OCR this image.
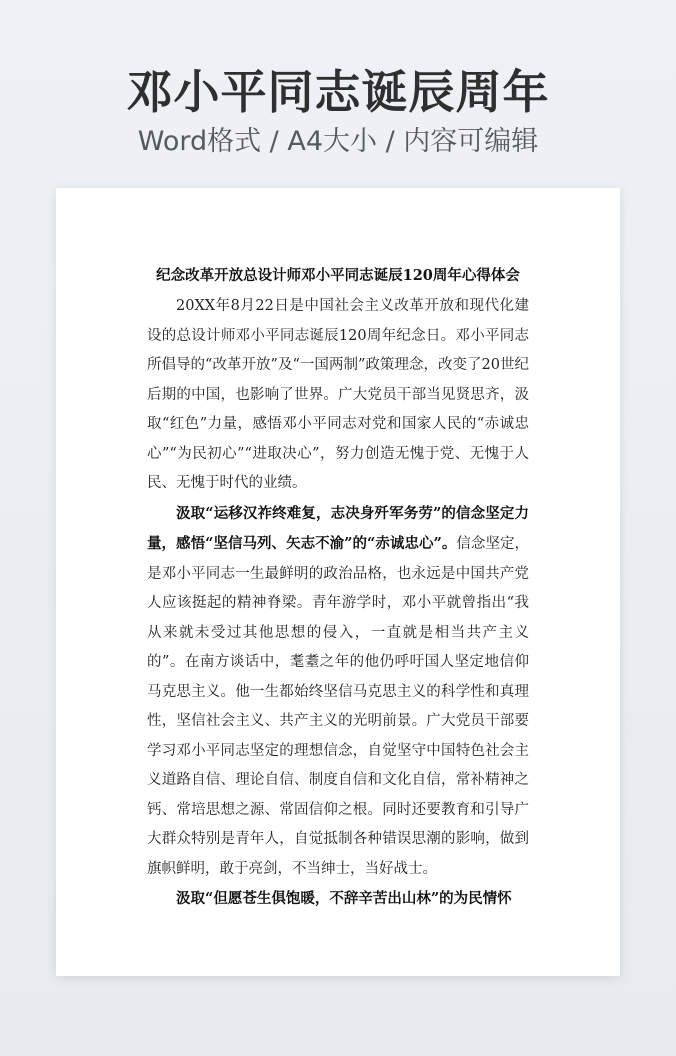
邓小平同志诞辰周年
Word格式 / A4大小 / 内容可编辑
纪念改革开放总设计师邓小平同志诞辰120周年心得体会

20XX年8月22日是中国社会主义改革开放和现代化建设的总设计师邓小平同志诞辰120周年纪念日。邓小平同志所倡导的“改革开放”及“一国两制”政策理念，改变了20世纪后期的中国，也影响了世界。广大党员干部当见贤思齐，汲取“红色”力量，感悟邓小平同志对党和国家人民的“赤诚忠心”“为民初心”“进取决心”，努力创造无愧于党、无愧于人民、无愧于时代的业绩。

汲取“运移汉祚终难复，志决身歼军务劳”的信念坚定力量，感悟“坚信马列、矢志不渝”的“赤诚忠心”。信念坚定，是邓小平同志一生最鲜明的政治品格，也永远是中国共产党人应该挺起的精神脊梁。青年游学时，邓小平就曾指出“我从来就未受过其他思想的侵入，一直就是相当共产主义的”。在南方谈话中，耄耋之年的他仍呼吁国人坚定地信仰马克思主义。他一生都始终坚信马克思主义的科学性和真理性，坚信社会主义、共产主义的光明前景。广大党员干部要学习邓小平同志坚定的理想信念，自觉坚守中国特色社会主义道路自信、理论自信、制度自信和文化自信，常补精神之钙、常培思想之源、常固信仰之根。同时还要教育和引导广大群众特别是青年人，自觉抵制各种错误思潮的影响，做到旗帜鲜明，敢于亮剑，不当绅士，当好战士。

汲取“但愿苍生俱饱暖，不辞辛苦出山林”的为民情怀
